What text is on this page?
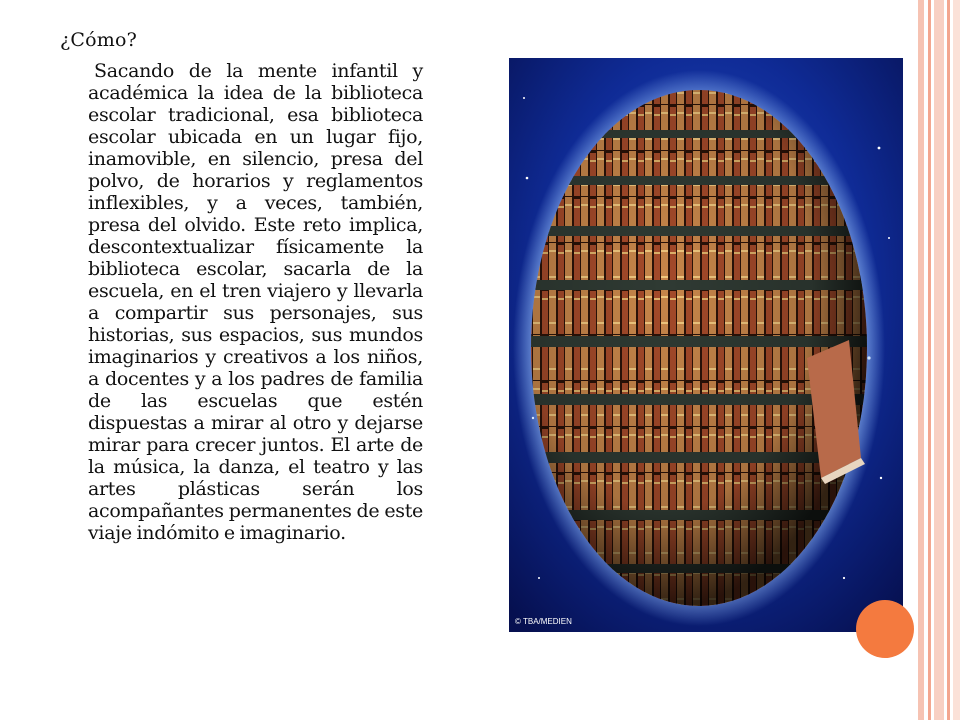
¿Cómo?

Sacando de la mente infantil y académica la idea de la biblioteca escolar tradicional, esa biblioteca escolar ubicada en un lugar fijo, inamovible, en silencio, presa del polvo, de horarios y reglamentos inflexibles, y a veces, también, presa del olvido. Este reto implica, descontextualizar físicamente la biblioteca escolar, sacarla de la escuela, en el tren viajero y llevarla a compartir sus personajes, sus historias, sus espacios, sus mundos imaginarios y creativos a los niños, a docentes y a los padres de familia de las escuelas que estén dispuestas a mirar al otro y dejarse mirar para crecer juntos. El arte de la música, la danza, el teatro y las artes plásticas serán los acompañantes permanentes de este viaje indómito e imaginario.

© TBA/MEDIEN
